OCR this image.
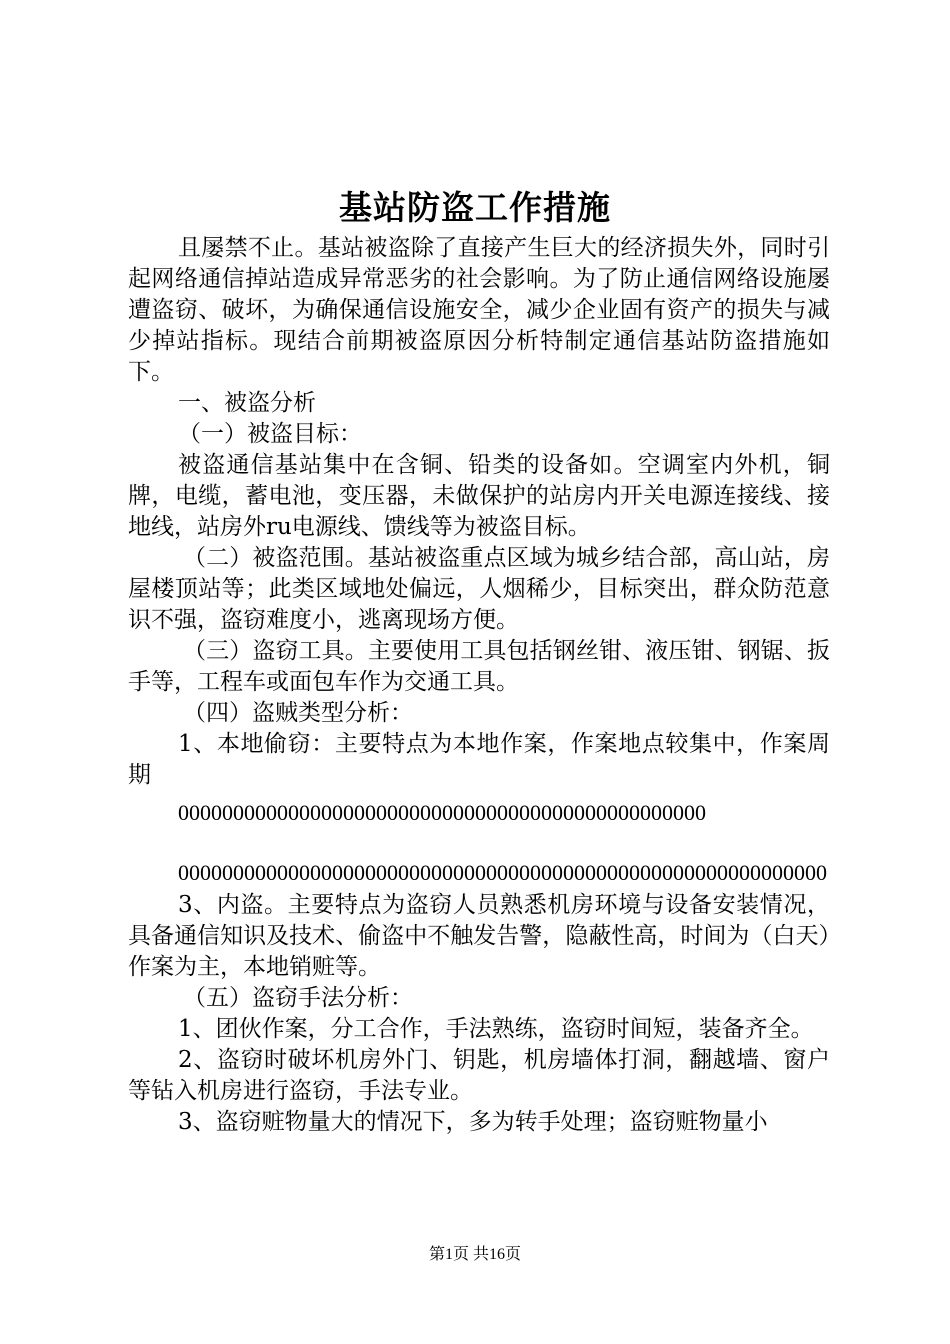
基站防盗工作措施

且屡禁不止。基站被盗除了直接产生巨大的经济损失外，同时引起网络通信掉站造成异常恶劣的社会影响。为了防止通信网络设施屡遭盗窃、破坏，为确保通信设施安全，减少企业固有资产的损失与减少掉站指标。现结合前期被盗原因分析特制定通信基站防盗措施如下。

一、被盗分析

（一）被盗目标：

被盗通信基站集中在含铜、铅类的设备如。空调室内外机，铜牌，电缆，蓄电池，变压器，未做保护的站房内开关电源连接线、接地线，站房外ru电源线、馈线等为被盗目标。

（二）被盗范围。基站被盗重点区域为城乡结合部，高山站，房屋楼顶站等；此类区域地处偏远，人烟稀少，目标突出，群众防范意识不强，盗窃难度小，逃离现场方便。

（三）盗窃工具。主要使用工具包括钢丝钳、液压钳、钢锯、扳手等，工程车或面包车作为交通工具。

（四）盗贼类型分析：

1、本地偷窃：主要特点为本地作案，作案地点较集中，作案周期

000000000000000000000000000000000000000000000000

00000000000000000000000000000000000000000000000000000000000

3、内盗。主要特点为盗窃人员熟悉机房环境与设备安装情况，具备通信知识及技术、偷盗中不触发告警，隐蔽性高，时间为（白天）作案为主，本地销赃等。

（五）盗窃手法分析：

1、团伙作案，分工合作，手法熟练，盗窃时间短，装备齐全。

2、盗窃时破坏机房外门、钥匙，机房墙体打洞，翻越墙、窗户等钻入机房进行盗窃，手法专业。

3、盗窃赃物量大的情况下，多为转手处理；盗窃赃物量小

第1页 共16页
